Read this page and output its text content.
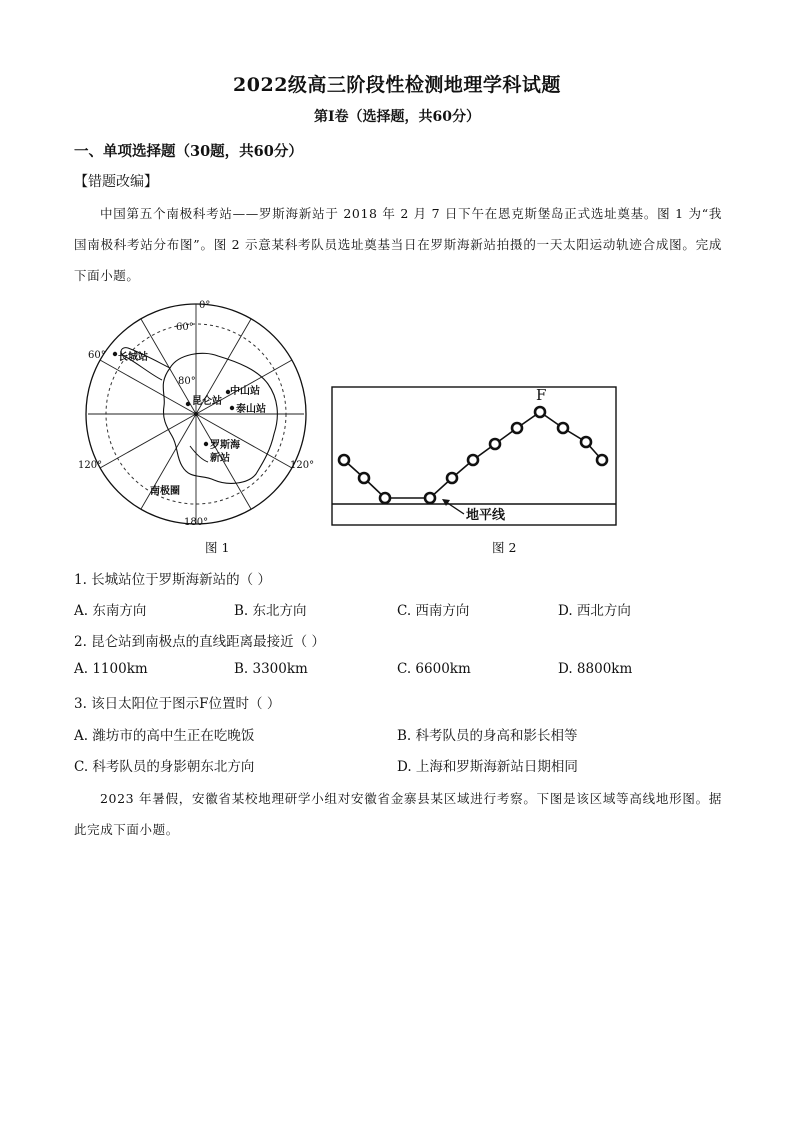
2022级高三阶段性检测地理学科试题
第Ⅰ卷（选择题，共60分）
一、单项选择题（30题，共60分）
【错题改编】
中国第五个南极科考站——罗斯海新站于 2018 年 2 月 7 日下午在恩克斯堡岛正式选址奠基。图 1 为“我国南极科考站分布图”。图 2 示意某科考队员选址奠基当日在罗斯海新站拍摄的一天太阳运动轨迹合成图。完成下面小题。
0°
60°
60°
80°
120°	120°
180°
长城站
昆仑站
中山站
泰山站
罗斯海
新站
南极圈
图 1
F
地平线
图 2
1. 长城站位于罗斯海新站的（ ）
A. 东南方向	B. 东北方向	C. 西南方向	D. 西北方向
2. 昆仑站到南极点的直线距离最接近（ ）
A. 1100km	B. 3300km	C. 6600km	D. 8800km
3. 该日太阳位于图示F位置时（ ）
A. 潍坊市的高中生正在吃晚饭	B. 科考队员的身高和影长相等
C. 科考队员的身影朝东北方向	D. 上海和罗斯海新站日期相同
2023 年暑假，安徽省某校地理研学小组对安徽省金寨县某区域进行考察。下图是该区域等高线地形图。据此完成下面小题。
